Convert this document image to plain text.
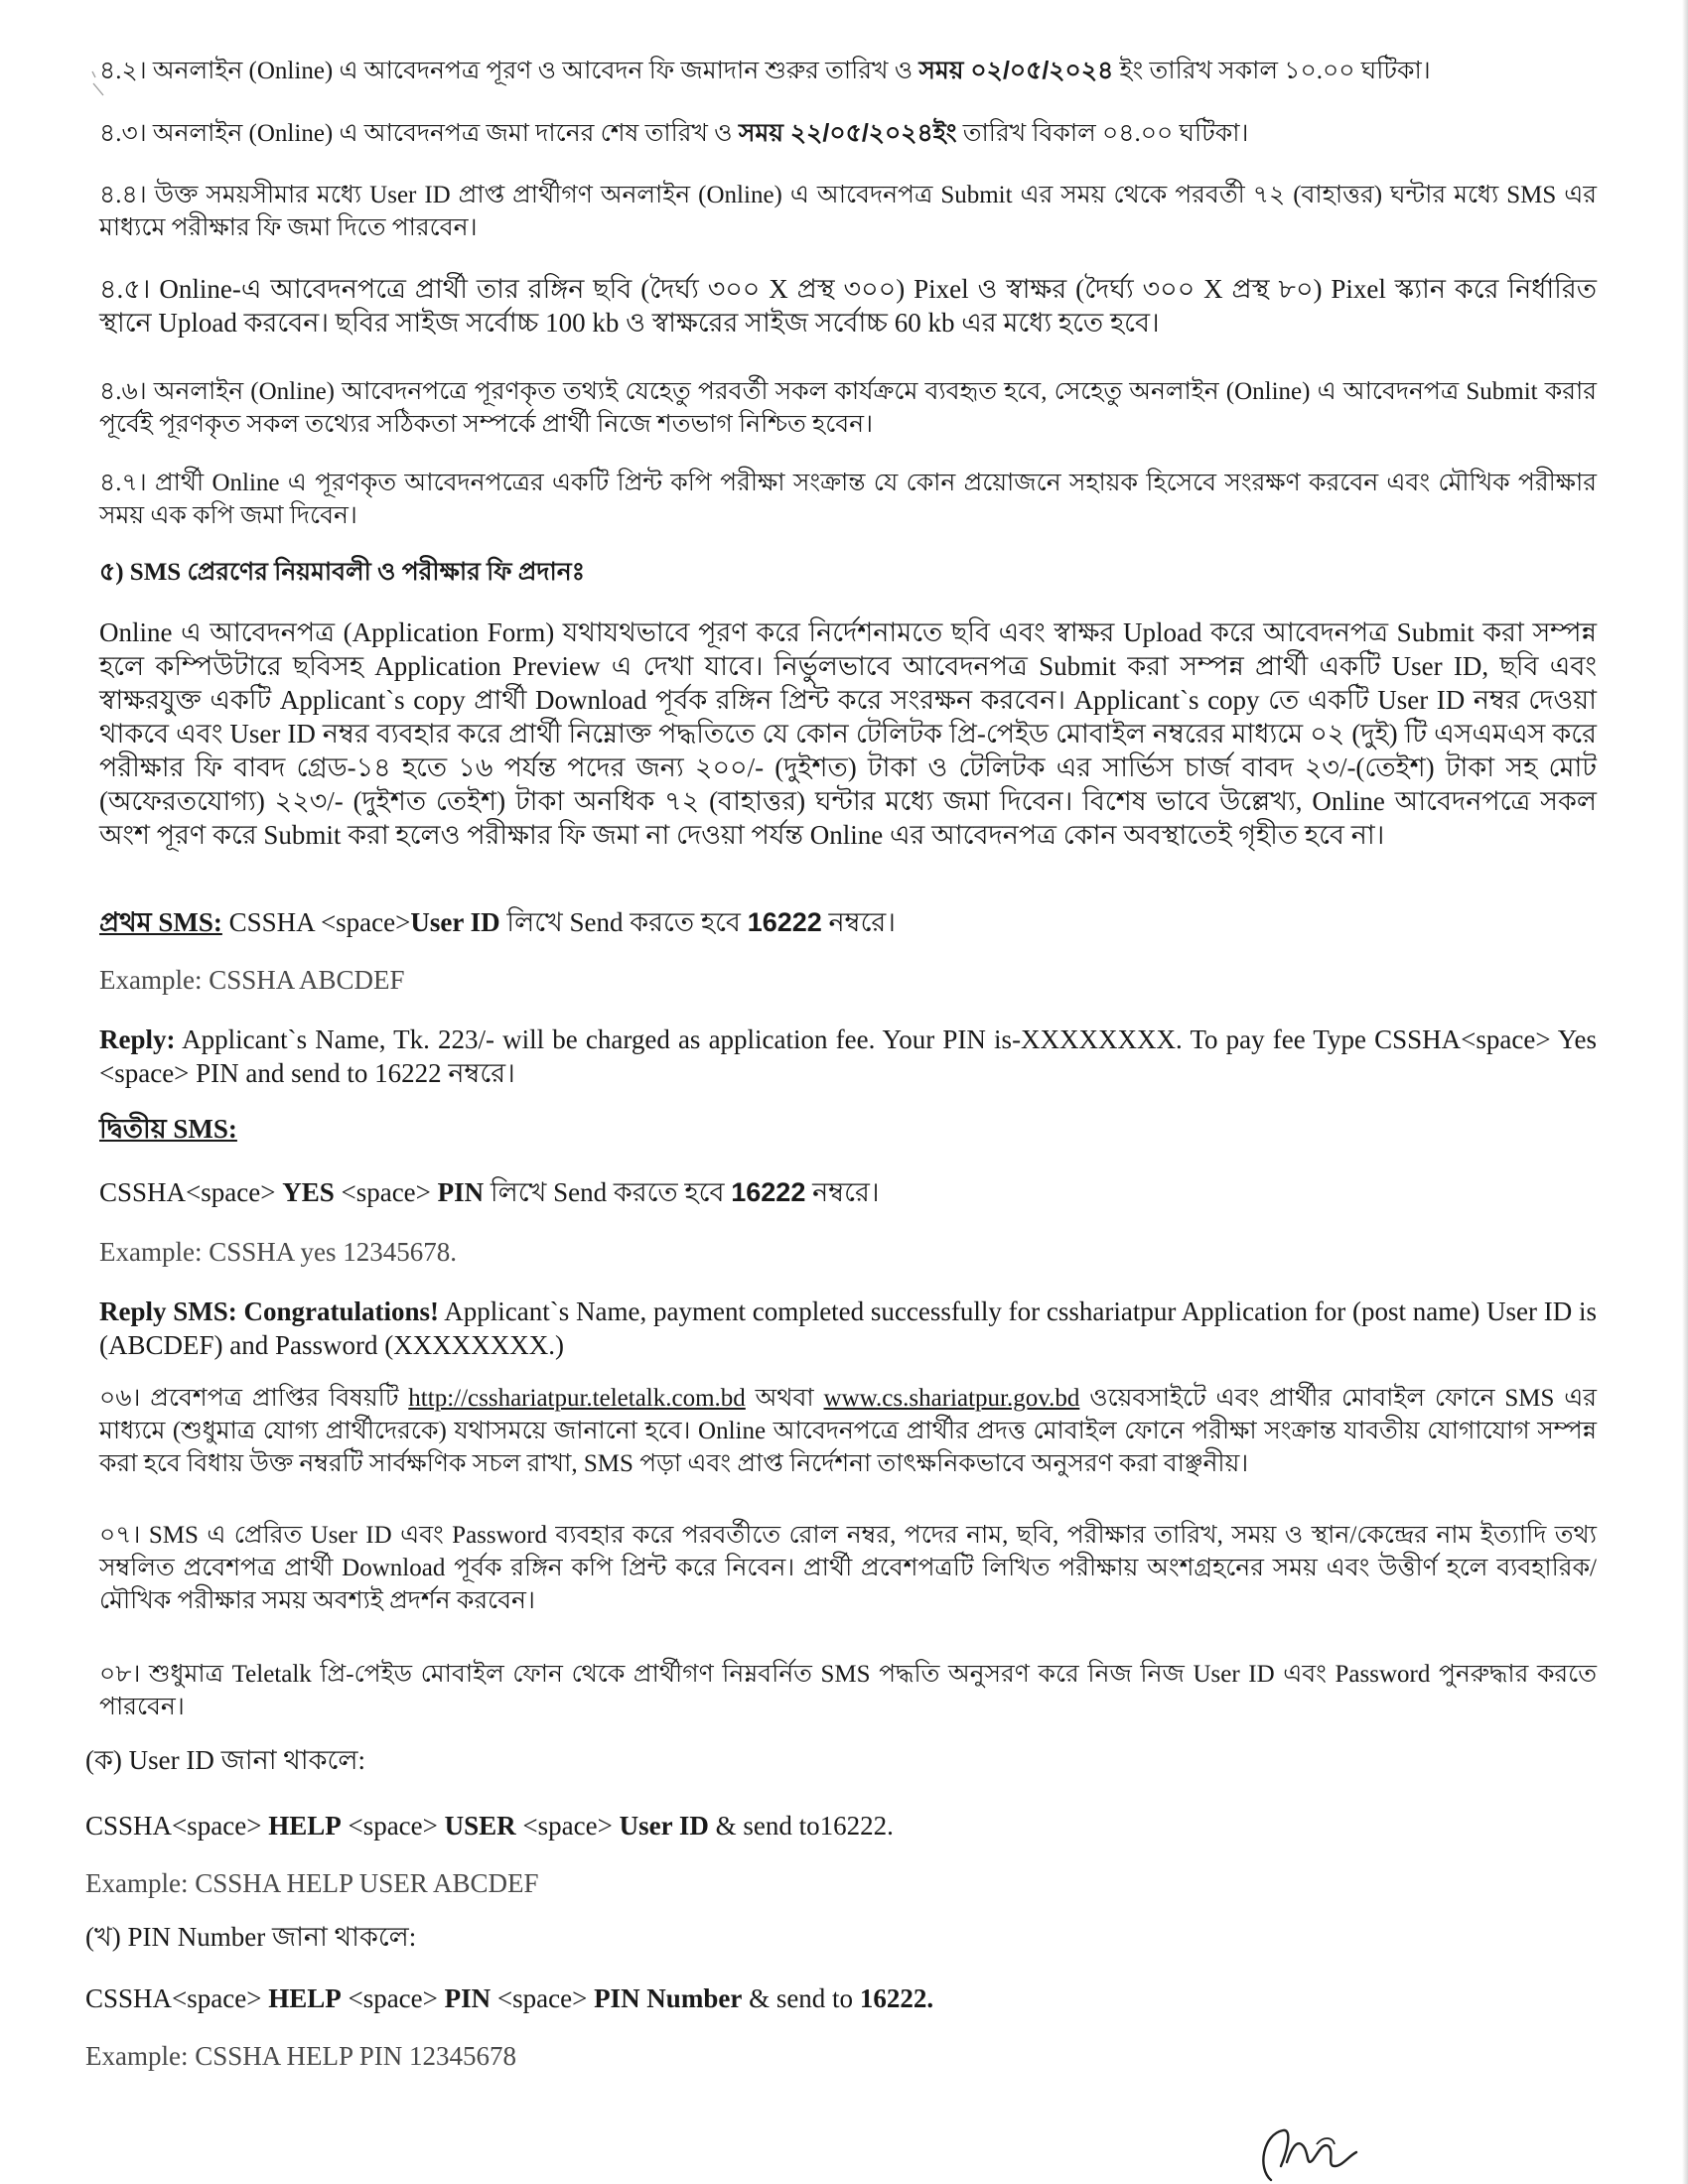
৪.২। অনলাইন (Online) এ আবেদনপত্র পূরণ ও আবেদন ফি জমাদান শুরুর তারিখ ও সময় ০২/০৫/২০২৪ ইং তারিখ সকাল ১০.০০ ঘটিকা।
৪.৩। অনলাইন (Online) এ আবেদনপত্র জমা দানের শেষ তারিখ ও সময় ২২/০৫/২০২৪ইং তারিখ বিকাল ০৪.০০ ঘটিকা।
৪.৪। উক্ত সময়সীমার মধ্যে User ID প্রাপ্ত প্রার্থীগণ অনলাইন (Online) এ আবেদনপত্র Submit এর সময় থেকে পরবর্তী ৭২ (বাহাত্তর) ঘন্টার মধ্যে SMS এর মাধ্যমে পরীক্ষার ফি জমা দিতে পারবেন।
৪.৫। Online-এ আবেদনপত্রে প্রার্থী তার রঙ্গিন ছবি (দৈর্ঘ্য ৩০০ X প্রস্থ ৩০০) Pixel ও স্বাক্ষর (দৈর্ঘ্য ৩০০ X প্রস্থ ৮০) Pixel স্ক্যান করে নির্ধারিত স্থানে Upload করবেন। ছবির সাইজ সর্বোচ্চ 100 kb ও স্বাক্ষরের সাইজ সর্বোচ্চ 60 kb এর মধ্যে হতে হবে।
৪.৬। অনলাইন (Online) আবেদনপত্রে পূরণকৃত তথ্যই যেহেতু পরবর্তী সকল কার্যক্রমে ব্যবহৃত হবে, সেহেতু অনলাইন (Online) এ আবেদনপত্র Submit করার পূর্বেই পূরণকৃত সকল তথ্যের সঠিকতা সম্পর্কে প্রার্থী নিজে শতভাগ নিশ্চিত হবেন।
৪.৭। প্রার্থী Online এ পূরণকৃত আবেদনপত্রের একটি প্রিন্ট কপি পরীক্ষা সংক্রান্ত যে কোন প্রয়োজনে সহায়ক হিসেবে সংরক্ষণ করবেন এবং মৌখিক পরীক্ষার সময় এক কপি জমা দিবেন।
৫) SMS প্রেরণের নিয়মাবলী ও পরীক্ষার ফি প্রদানঃ
Online এ আবেদনপত্র (Application Form) যথাযথভাবে পূরণ করে নির্দেশনামতে ছবি এবং স্বাক্ষর Upload করে আবেদনপত্র Submit করা সম্পন্ন হলে কম্পিউটারে ছবিসহ Application Preview এ দেখা যাবে। নির্ভুলভাবে আবেদনপত্র Submit করা সম্পন্ন প্রার্থী একটি User ID, ছবি এবং স্বাক্ষরযুক্ত একটি Applicant`s copy প্রার্থী Download পূর্বক রঙ্গিন প্রিন্ট করে সংরক্ষন করবেন। Applicant`s copy তে একটি User ID নম্বর দেওয়া থাকবে এবং User ID নম্বর ব্যবহার করে প্রার্থী নিম্নোক্ত পদ্ধতিতে যে কোন টেলিটক প্রি-পেইড মোবাইল নম্বরের মাধ্যমে ০২ (দুই) টি এসএমএস করে পরীক্ষার ফি বাবদ গ্রেড-১৪ হতে ১৬ পর্যন্ত পদের জন্য ২০০/- (দুইশত) টাকা ও টেলিটক এর সার্ভিস চার্জ বাবদ ২৩/-(তেইশ) টাকা সহ মোট (অফেরতযোগ্য) ২২৩/- (দুইশত তেইশ) টাকা অনধিক ৭২ (বাহাত্তর) ঘন্টার মধ্যে জমা দিবেন। বিশেষ ভাবে উল্লেখ্য, Online আবেদনপত্রে সকল অংশ পূরণ করে Submit করা হলেও পরীক্ষার ফি জমা না দেওয়া পর্যন্ত Online এর আবেদনপত্র কোন অবস্থাতেই গৃহীত হবে না।
প্রথম SMS: CSSHA <space>User ID লিখে Send করতে হবে 16222 নম্বরে।
Example: CSSHA ABCDEF
Reply: Applicant`s Name, Tk. 223/- will be charged as application fee. Your PIN is-XXXXXXXX. To pay fee Type CSSHA<space> Yes <space> PIN and send to 16222 নম্বরে।
দ্বিতীয় SMS:
CSSHA<space> YES <space> PIN লিখে Send করতে হবে 16222 নম্বরে।
Example: CSSHA yes 12345678.
Reply SMS: Congratulations! Applicant`s Name, payment completed successfully for csshariatpur Application for (post name) User ID is (ABCDEF) and Password (XXXXXXXX.)
০৬। প্রবেশপত্র প্রাপ্তির বিষয়টি http://csshariatpur.teletalk.com.bd অথবা www.cs.shariatpur.gov.bd ওয়েবসাইটে এবং প্রার্থীর মোবাইল ফোনে SMS এর মাধ্যমে (শুধুমাত্র যোগ্য প্রার্থীদেরকে) যথাসময়ে জানানো হবে। Online আবেদনপত্রে প্রার্থীর প্রদত্ত মোবাইল ফোনে পরীক্ষা সংক্রান্ত যাবতীয় যোগাযোগ সম্পন্ন করা হবে বিধায় উক্ত নম্বরটি সার্বক্ষণিক সচল রাখা, SMS পড়া এবং প্রাপ্ত নির্দেশনা তাৎক্ষনিকভাবে অনুসরণ করা বাঞ্ছনীয়।
০৭। SMS এ প্রেরিত User ID এবং Password ব্যবহার করে পরবর্তীতে রোল নম্বর, পদের নাম, ছবি, পরীক্ষার তারিখ, সময় ও স্থান/কেন্দ্রের নাম ইত্যাদি তথ্য সম্বলিত প্রবেশপত্র প্রার্থী Download পূর্বক রঙ্গিন কপি প্রিন্ট করে নিবেন। প্রার্থী প্রবেশপত্রটি লিখিত পরীক্ষায় অংশগ্রহনের সময় এবং উত্তীর্ণ হলে ব্যবহারিক/মৌখিক পরীক্ষার সময় অবশ্যই প্রদর্শন করবেন।
০৮। শুধুমাত্র Teletalk প্রি-পেইড মোবাইল ফোন থেকে প্রার্থীগণ নিম্নবর্নিত SMS পদ্ধতি অনুসরণ করে নিজ নিজ User ID এবং Password পুনরুদ্ধার করতে পারবেন।
(ক) User ID জানা থাকলে:
CSSHA<space> HELP <space> USER <space> User ID & send to16222.
Example: CSSHA HELP USER ABCDEF
(খ) PIN Number জানা থাকলে:
CSSHA<space> HELP <space> PIN <space> PIN Number & send to 16222.
Example: CSSHA HELP PIN 12345678
